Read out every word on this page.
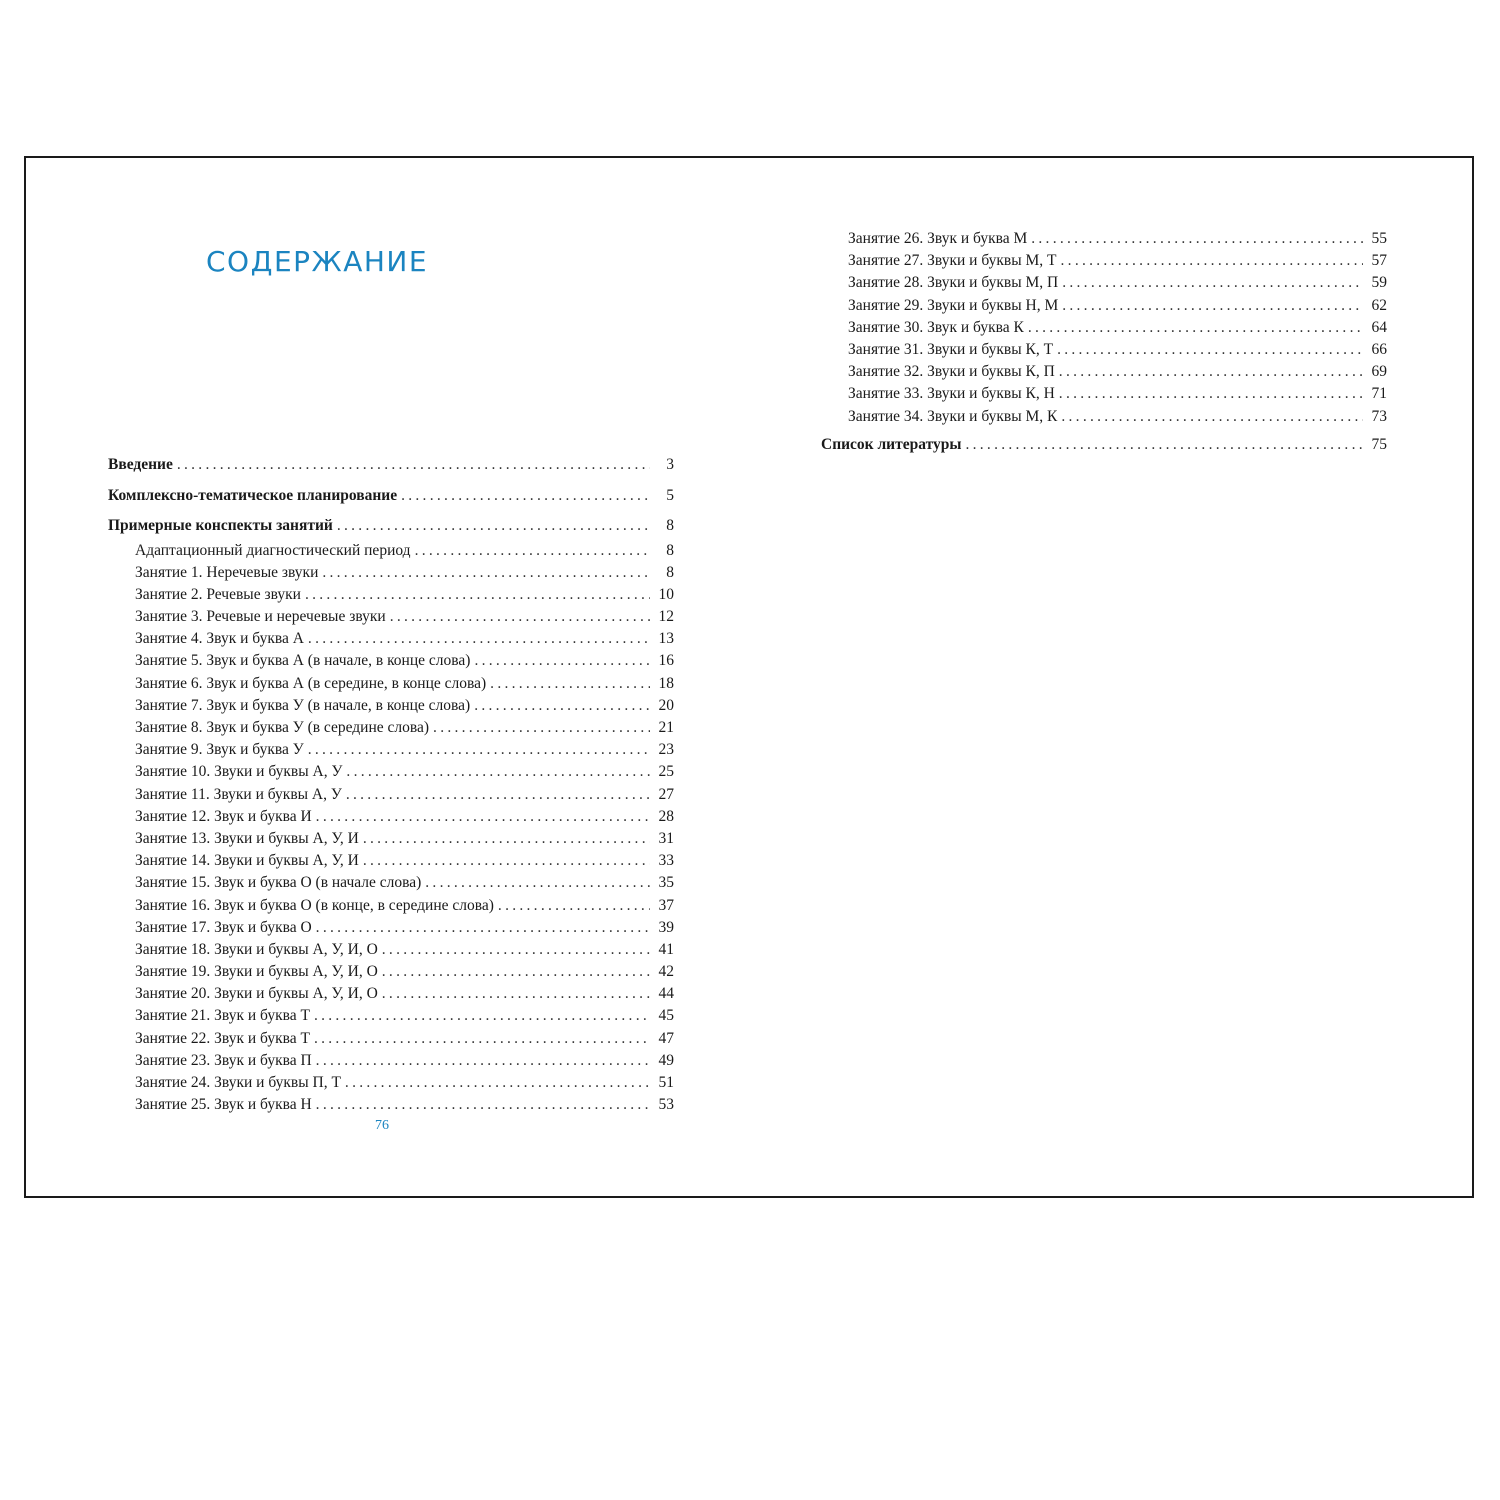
СОДЕРЖАНИЕ
Введение . . .	3
Комплексно-тематическое планирование . . .	5
Примерные конспекты занятий . . .	8
Адаптационный диагностический период . . .	8
Занятие 1. Неречевые звуки . . .	8
Занятие 2. Речевые звуки . . .	10
Занятие 3. Речевые и неречевые звуки . . .	12
Занятие 4. Звук и буква А . . .	13
Занятие 5. Звук и буква А (в начале, в конце слова) . . .	16
Занятие 6. Звук и буква А (в середине, в конце слова) . . .	18
Занятие 7. Звук и буква У (в начале, в конце слова) . . .	20
Занятие 8. Звук и буква У (в середине слова) . . .	21
Занятие 9. Звук и буква У . . .	23
Занятие 10. Звуки и буквы А, У . . .	25
Занятие 11. Звуки и буквы А, У . . .	27
Занятие 12. Звук и буква И . . .	28
Занятие 13. Звуки и буквы А, У, И . . .	31
Занятие 14. Звуки и буквы А, У, И . . .	33
Занятие 15. Звук и буква О (в начале слова) . . .	35
Занятие 16. Звук и буква О (в конце, в середине слова) . . .	37
Занятие 17. Звук и буква О . . .	39
Занятие 18. Звуки и буквы А, У, И, О . . .	41
Занятие 19. Звуки и буквы А, У, И, О . . .	42
Занятие 20. Звуки и буквы А, У, И, О . . .	44
Занятие 21. Звук и буква Т . . .	45
Занятие 22. Звук и буква Т . . .	47
Занятие 23. Звук и буква П . . .	49
Занятие 24. Звуки и буквы П, Т . . .	51
Занятие 25. Звук и буква Н . . .	53
Занятие 26. Звук и буква М . . .	55
Занятие 27. Звуки и буквы М, Т . . .	57
Занятие 28. Звуки и буквы М, П . . .	59
Занятие 29. Звуки и буквы Н, М . . .	62
Занятие 30. Звук и буква К . . .	64
Занятие 31. Звуки и буквы К, Т . . .	66
Занятие 32. Звуки и буквы К, П . . .	69
Занятие 33. Звуки и буквы К, Н . . .	71
Занятие 34. Звуки и буквы М, К . . .	73
Список литературы . . .	75
76
